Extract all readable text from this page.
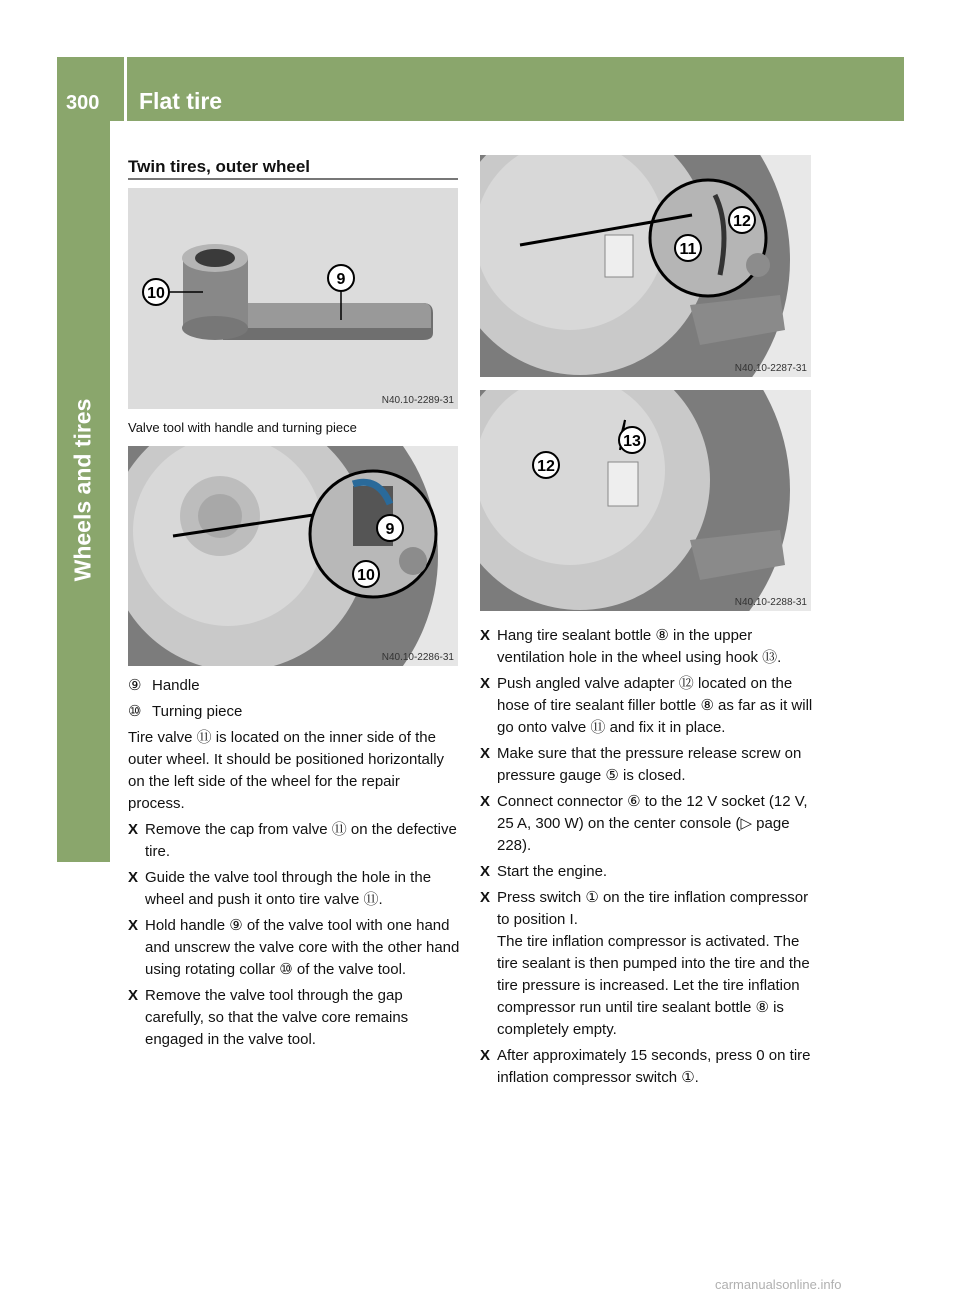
300 Flat tire
Wheels and tires
Twin tires, outer wheel
10
9
N40.10-2289-31
Valve tool with handle and turning piece
10
9
N40.10-2286-31
11
12
N40.10-2287-31
12
13
N40.10-2288-31
⑨ Handle
⑩ Turning piece

Tire valve ⑪ is located on the inner side of the outer wheel. It should be positioned horizontally on the left side of the wheel for the repair process.

X Remove the cap from valve ⑪ on the defective tire.
X Guide the valve tool through the hole in the wheel and push it onto tire valve ⑪.
X Hold handle ⑨ of the valve tool with one hand and unscrew the valve core with the other hand using rotating collar ⑩ of the valve tool.
X Remove the valve tool through the gap carefully, so that the valve core remains engaged in the valve tool.
X Hang tire sealant bottle ⑧ in the upper ventilation hole in the wheel using hook ⑬.
X Push angled valve adapter ⑫ located on the hose of tire sealant filler bottle ⑧ as far as it will go onto valve ⑪ and fix it in place.
X Make sure that the pressure release screw on pressure gauge ⑤ is closed.
X Connect connector ⑥ to the 12 V socket (12 V, 25 A, 300 W) on the center console (▷ page 228).
X Start the engine.
X Press switch ① on the tire inflation compressor to position I.
The tire inflation compressor is activated. The tire sealant is then pumped into the tire and the tire pressure is increased. Let the tire inflation compressor run until tire sealant bottle ⑧ is completely empty.
X After approximately 15 seconds, press 0 on tire inflation compressor switch ①.
carmanualsonline.info
